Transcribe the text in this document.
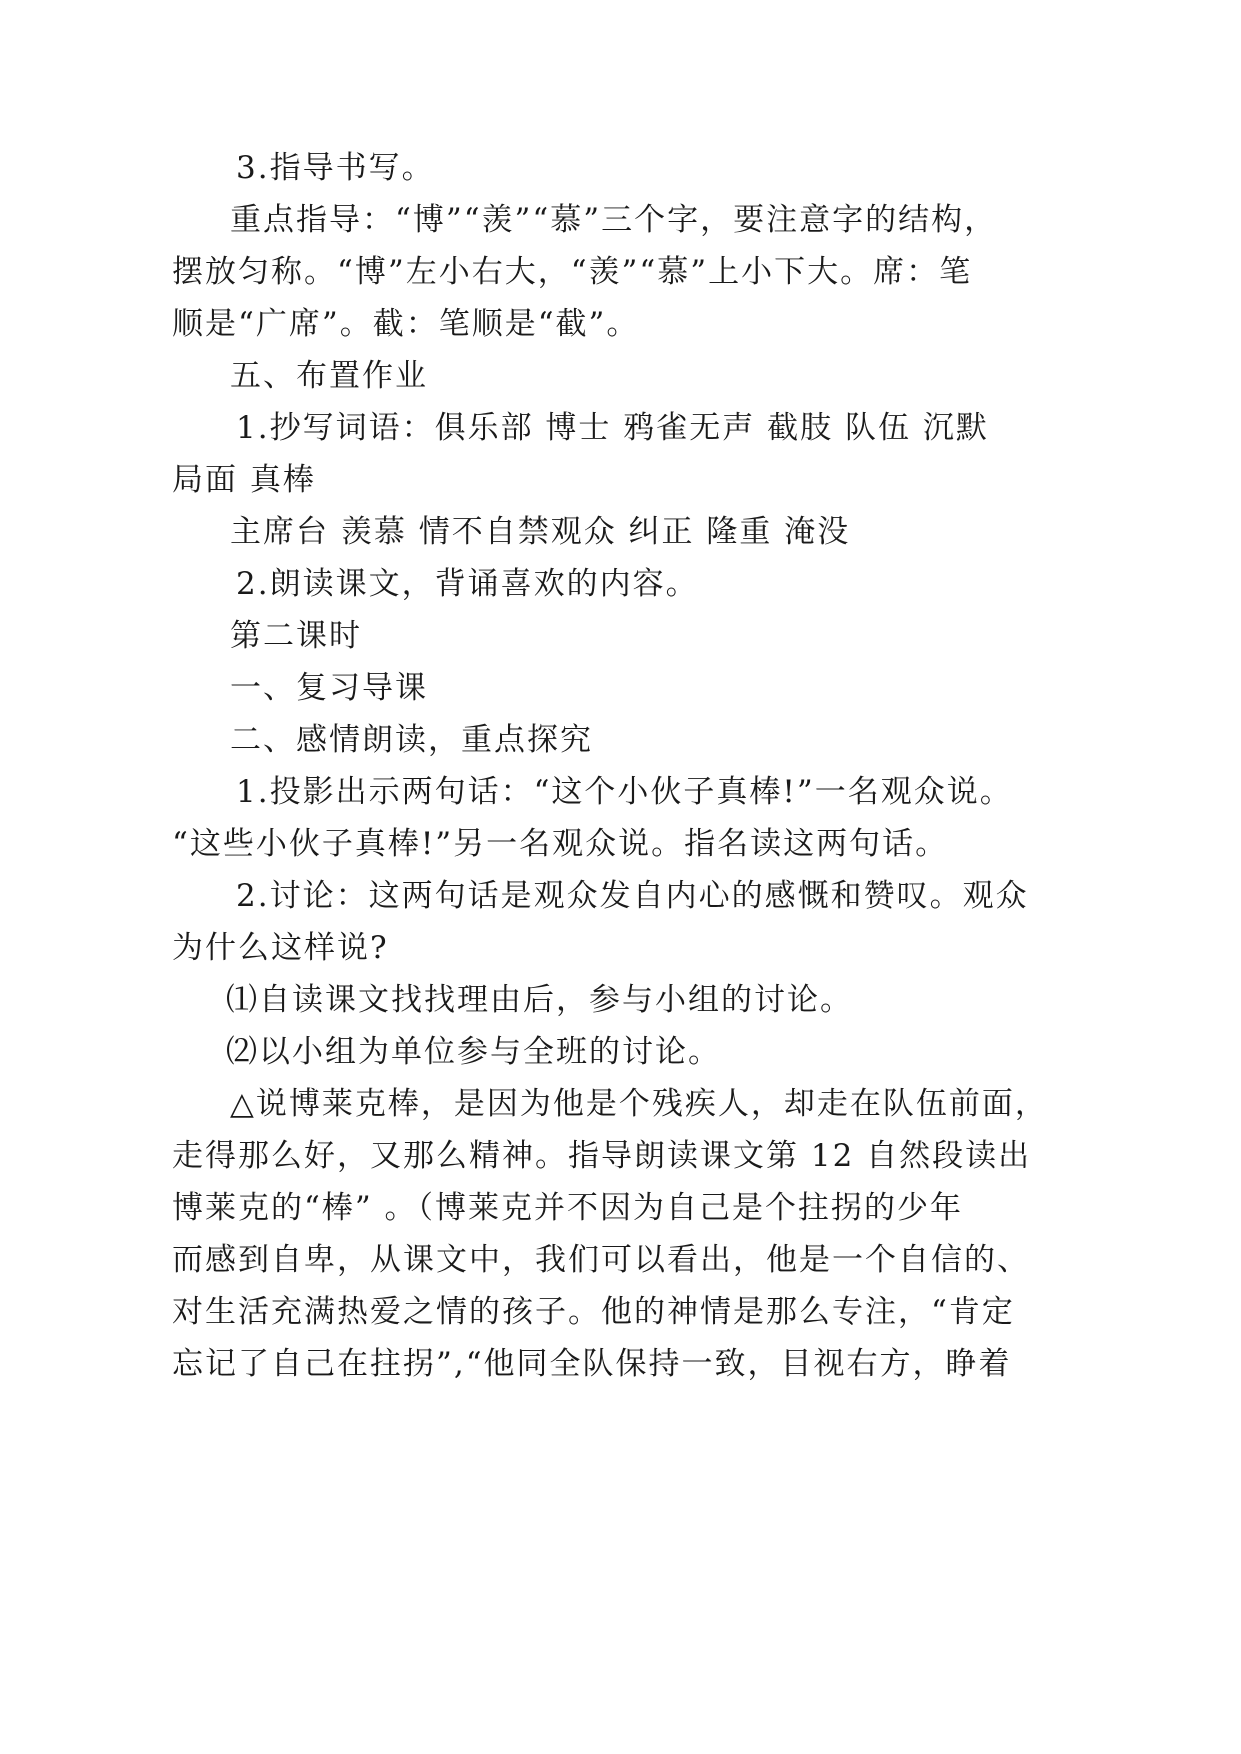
3.指导书写。
重点指导：“博”“羡”“慕”三个字，要注意字的结构，
摆放匀称。“博”左小右大，“羡”“慕”上小下大。席：笔
顺是“广席”。截：笔顺是“截”。
五、布置作业
1.抄写词语：俱乐部 博士 鸦雀无声 截肢 队伍 沉默
局面 真棒
主席台 羡慕 情不自禁观众 纠正 隆重 淹没
2.朗读课文，背诵喜欢的内容。
第二课时
一、复习导课
二、感情朗读，重点探究
1.投影出示两句话：“这个小伙子真棒!”一名观众说。
“这些小伙子真棒!”另一名观众说。指名读这两句话。
2.讨论：这两句话是观众发自内心的感慨和赞叹。观众
为什么这样说?
⑴自读课文找找理由后，参与小组的讨论。
⑵以小组为单位参与全班的讨论。
△说博莱克棒，是因为他是个残疾人，却走在队伍前面，
走得那么好，又那么精神。指导朗读课文第 12 自然段读出
博莱克的“棒” 。（博莱克并不因为自己是个拄拐的少年
而感到自卑，从课文中，我们可以看出，他是一个自信的、
对生活充满热爱之情的孩子。他的神情是那么专注，“肯定
忘记了自己在拄拐”,“他同全队保持一致，目视右方，睁着
